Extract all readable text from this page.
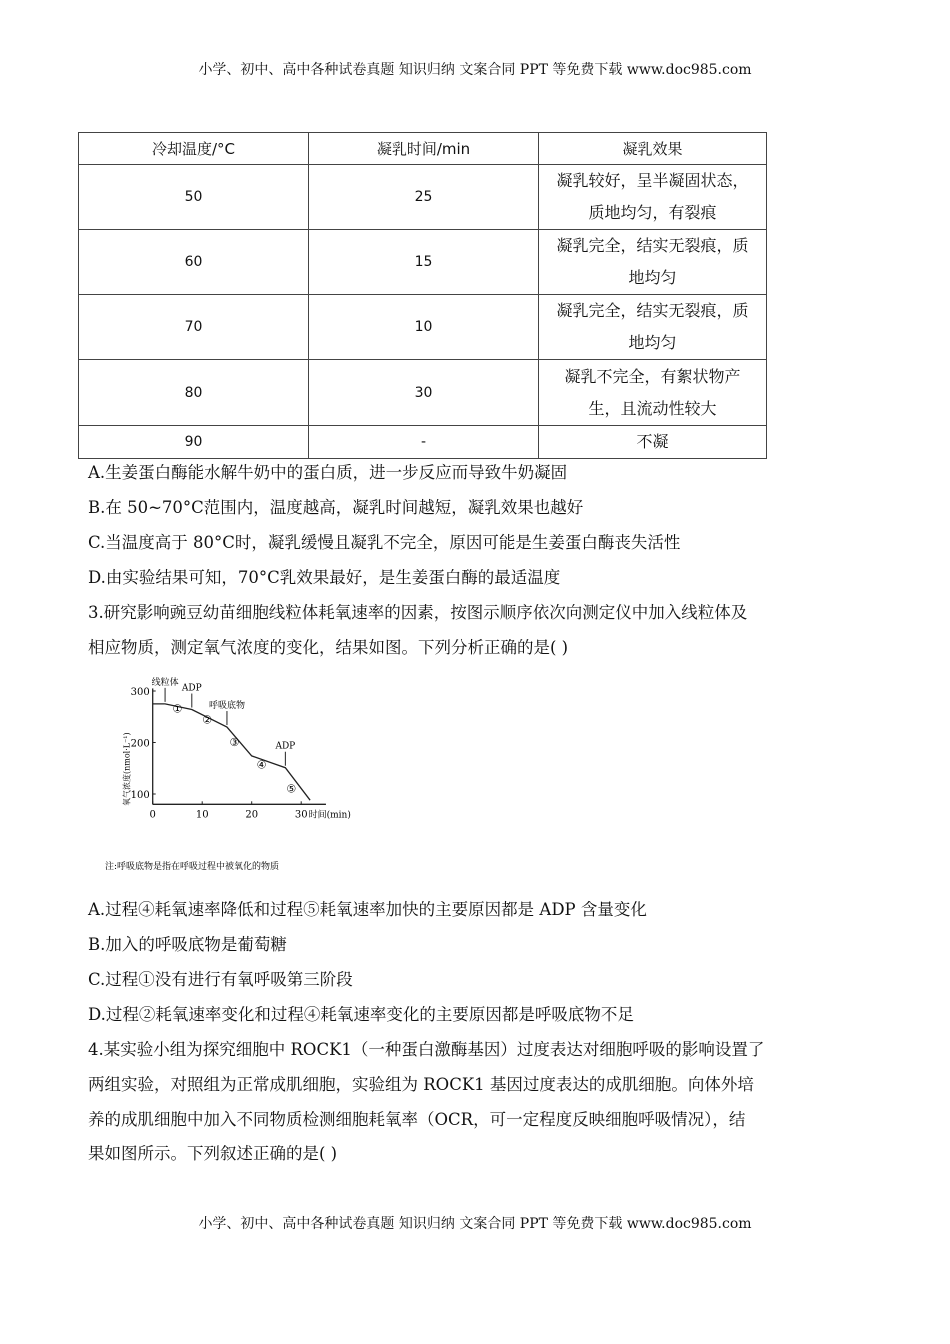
小学、初中、高中各种试卷真题 知识归纳 文案合同 PPT 等免费下载 www.doc985.com
冷却温度/°C	凝乳时间/min	凝乳效果
50	25	凝乳较好，呈半凝固状态，质地均匀，有裂痕
60	15	凝乳完全，结实无裂痕，质地均匀
70	10	凝乳完全，结实无裂痕，质地均匀
80	30	凝乳不完全，有絮状物产生，且流动性较大
90	-	不凝
A.生姜蛋白酶能水解牛奶中的蛋白质，进一步反应而导致牛奶凝固
B.在 50~70°C范围内，温度越高，凝乳时间越短，凝乳效果也越好
C.当温度高于 80°C时，凝乳缓慢且凝乳不完全，原因可能是生姜蛋白酶丧失活性
D.由实验结果可知，70°C乳效果最好，是生姜蛋白酶的最适温度
3.研究影响豌豆幼苗细胞线粒体耗氧速率的因素，按图示顺序依次向测定仪中加入线粒体及
相应物质，测定氧气浓度的变化，结果如图。下列分析正确的是( )
0	10	20	30
100
200
300
时间(min)
氧气浓度(nmol·L⁻¹)
线粒体
ADP
呼吸底物
ADP
①
②
③
④
⑤
注:呼吸底物是指在呼吸过程中被氧化的物质
A.过程④耗氧速率降低和过程⑤耗氧速率加快的主要原因都是 ADP 含量变化
B.加入的呼吸底物是葡萄糖
C.过程①没有进行有氧呼吸第三阶段
D.过程②耗氧速率变化和过程④耗氧速率变化的主要原因都是呼吸底物不足
4.某实验小组为探究细胞中 ROCK1（一种蛋白激酶基因）过度表达对细胞呼吸的影响设置了
两组实验，对照组为正常成肌细胞，实验组为 ROCK1 基因过度表达的成肌细胞。向体外培
养的成肌细胞中加入不同物质检测细胞耗氧率（OCR，可一定程度反映细胞呼吸情况），结
果如图所示。下列叙述正确的是( )
小学、初中、高中各种试卷真题 知识归纳 文案合同 PPT 等免费下载 www.doc985.com
